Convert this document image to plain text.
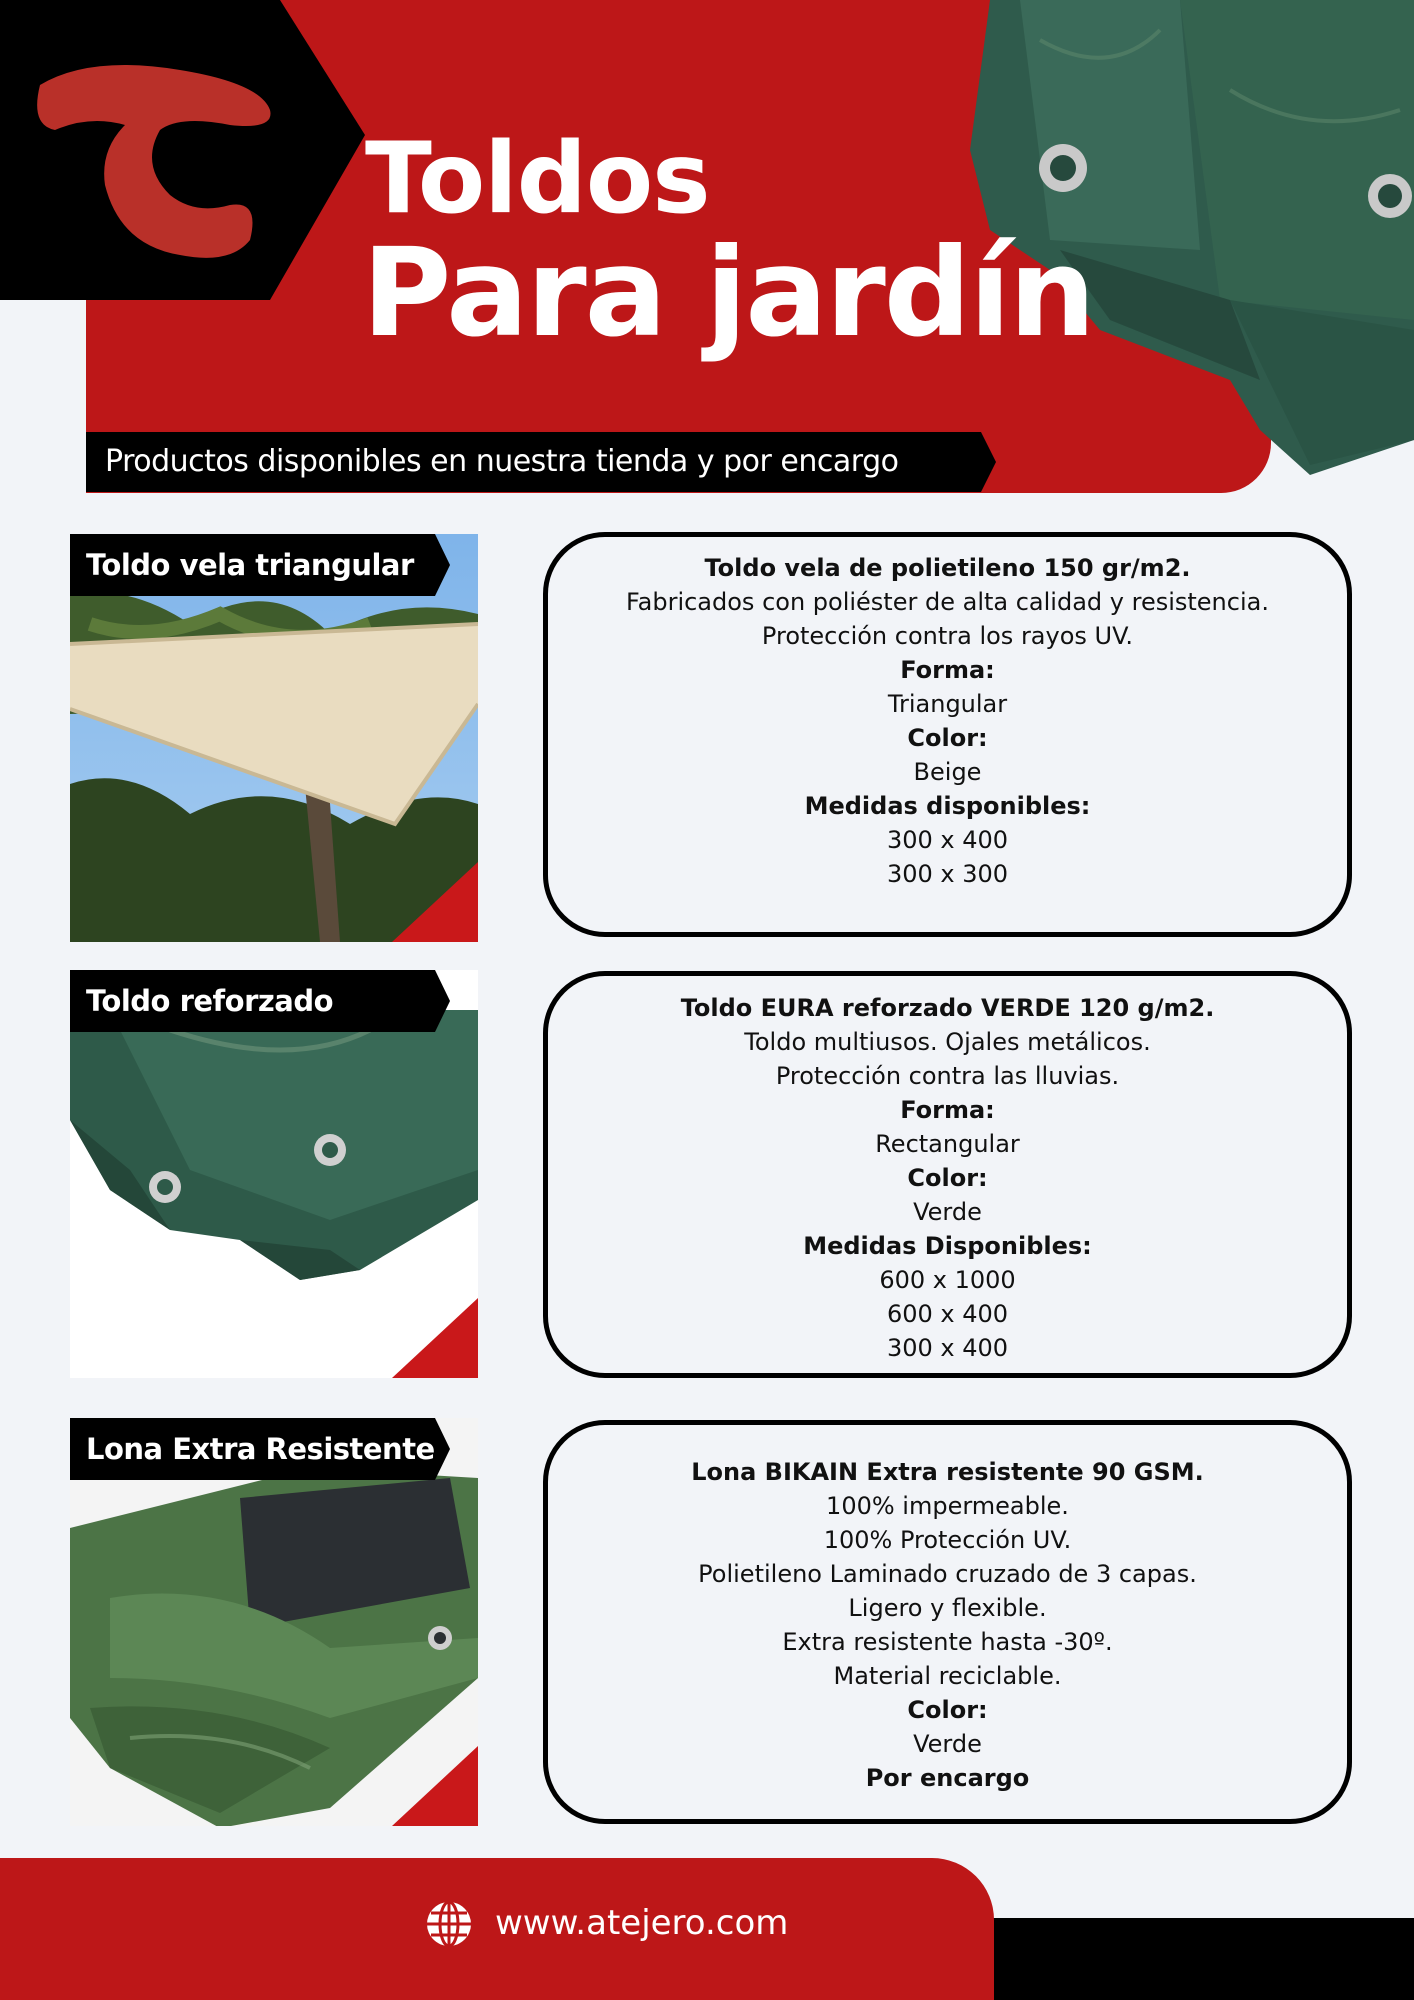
Toldos
Para jardín
Productos disponibles en nuestra tienda y por encargo
Toldo vela triangular	Toldo vela de polietileno 150 gr/m2.
Fabricados con poliéster de alta calidad y resistencia.
Protección contra los rayos UV.
Forma:
Triangular
Color:
Beige
Medidas disponibles:
300 x 400
300 x 300
Toldo reforzado	Toldo EURA reforzado VERDE 120 g/m2.
Toldo multiusos. Ojales metálicos.
Protección contra las lluvias.
Forma:
Rectangular
Color:
Verde
Medidas Disponibles:
600 x 1000
600 x 400
300 x 400
Lona Extra Resistente
Lona BIKAIN Extra resistente 90 GSM.
100% impermeable.
100% Protección UV.
Polietileno Laminado cruzado de 3 capas.
Ligero y flexible.
Extra resistente hasta -30º.
Material reciclable.
Color:
Verde
Por encargo
www.atejero.com
